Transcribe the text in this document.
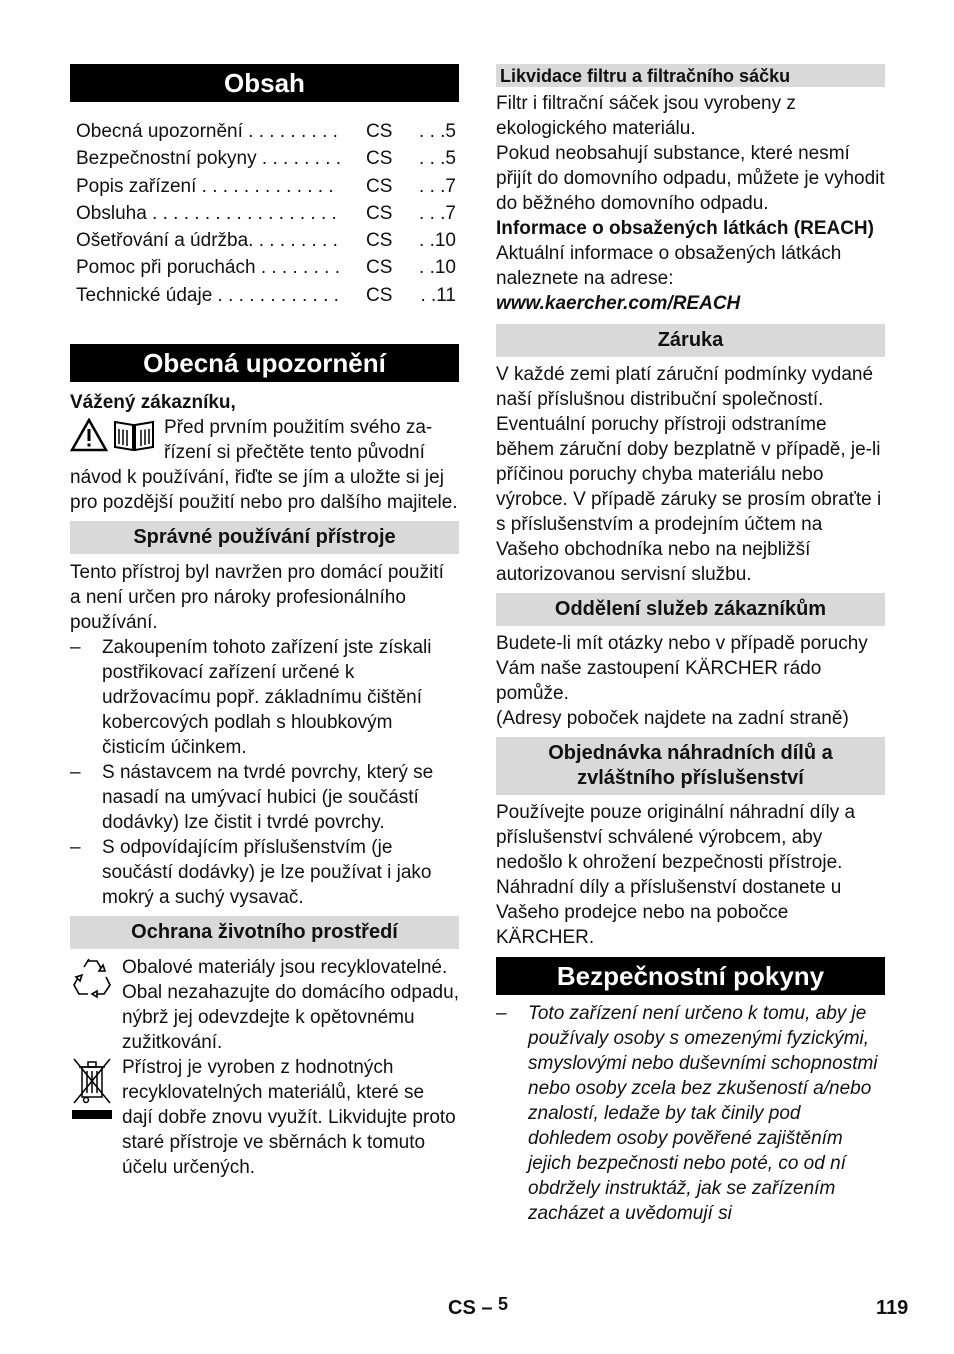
Obsah
Obecná upozornění . . . . . . . . .	CS	. . .5
Bezpečnostní pokyny . . . . . . . .	CS	. . .5
Popis zařízení . . . . . . . . . . . . .	CS	. . .7
Obsluha . . . . . . . . . . . . . . . . . .	CS	. . .7
Ošetřování a údržba. . . . . . . . .	CS	. .10
Pomoc při poruchách . . . . . . . .	CS	. .10
Technické údaje . . . . . . . . . . . .	CS	. .11
Obecná upozornění

Vážený zákazníku,

Před prvním použitím svého za-

řízení si přečtěte tento původní

návod k používání, řiďte se jím a uložte si jej pro pozdější použití nebo pro dalšího majitele.

Správné používání přístroje

Tento přístroj byl navržen pro domácí použití a není určen pro nároky profesionálního používání.

–	Zakoupením tohoto zařízení jste získali postřikovací zařízení určené k udržovacímu popř. základnímu čištění kobercových podlah s hloubkovým čisticím účinkem.
–	S nástavcem na tvrdé povrchy, který se nasadí na umývací hubici (je součástí dodávky) lze čistit i tvrdé povrchy.
–	S odpovídajícím příslušenstvím (je součástí dodávky) je lze používat i jako mokrý a suchý vysavač.
Ochrana životního prostředí

Obalové materiály jsou recyklovatelné. Obal nezahazujte do domácího odpadu, nýbrž jej odevzdejte k opětovnému zužitkování.

Přístroj je vyroben z hodnotných recyklovatelných materiálů, které se dají dobře znovu využít. Likvidujte proto staré přístroje ve sběrnách k tomuto účelu určených.

Likvidace filtru a filtračního sáčku

Filtr i filtrační sáček jsou vyrobeny z ekologického materiálu.

Pokud neobsahují substance, které nesmí přijít do domovního odpadu, můžete je vyhodit do běžného domovního odpadu.

Informace o obsažených látkách (REACH)

Aktuální informace o obsažených látkách naleznete na adrese:

www.kaercher.com/REACH

Záruka

V každé zemi platí záruční podmínky vydané naší příslušnou distribuční společností. Eventuální poruchy přístroji odstraníme během záruční doby bezplatně v případě, je-li příčinou poruchy chyba materiálu nebo výrobce. V případě záruky se prosím obraťte i s příslušenstvím a prodejním účtem na Vašeho obchodníka nebo na nejbližší autorizovanou servisní službu.

Oddělení služeb zákazníkům

Budete-li mít otázky nebo v případě poruchy Vám naše zastoupení KÄRCHER rádo pomůže.

(Adresy poboček najdete na zadní straně)

Objednávka náhradních dílů a zvláštního příslušenství

Používejte pouze originální náhradní díly a příslušenství schválené výrobcem, aby nedošlo k ohrožení bezpečnosti přístroje.

Náhradní díly a příslušenství dostanete u Vašeho prodejce nebo na pobočce KÄRCHER.

Bezpečnostní pokyny
–	Toto zařízení není určeno k tomu, aby je používaly osoby s omezenými fyzickými, smyslovými nebo duševními schopnostmi nebo osoby zcela bez zkušeností a/nebo znalostí, ledaže by tak činily pod dohledem osoby pověřené zajištěním jejich bezpečnosti nebo poté, co od ní obdržely instruktáž, jak se zařízením zacházet a uvědomují si
CS – 5	119
